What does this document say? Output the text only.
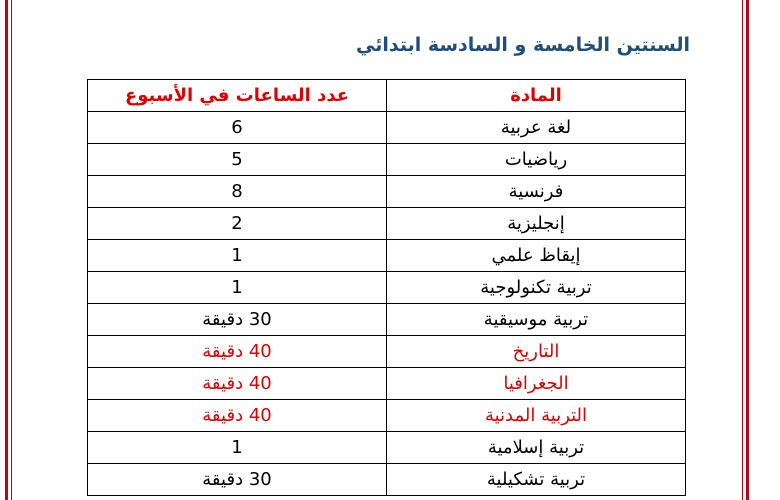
السنتين الخامسة و السادسة ابتدائي
عدد الساعات في الأسبوع	المادة
6	لغة عربية
5	رياضيات
8	فرنسية
2	إنجليزية
1	إيقاظ علمي
1	تربية تكنولوجية
30 دقيقة	تربية موسيقية
40 دقيقة	التاريخ
40 دقيقة	الجغرافيا
40 دقيقة	التربية المدنية
1	تربية إسلامية
30 دقيقة	تربية تشكيلية
